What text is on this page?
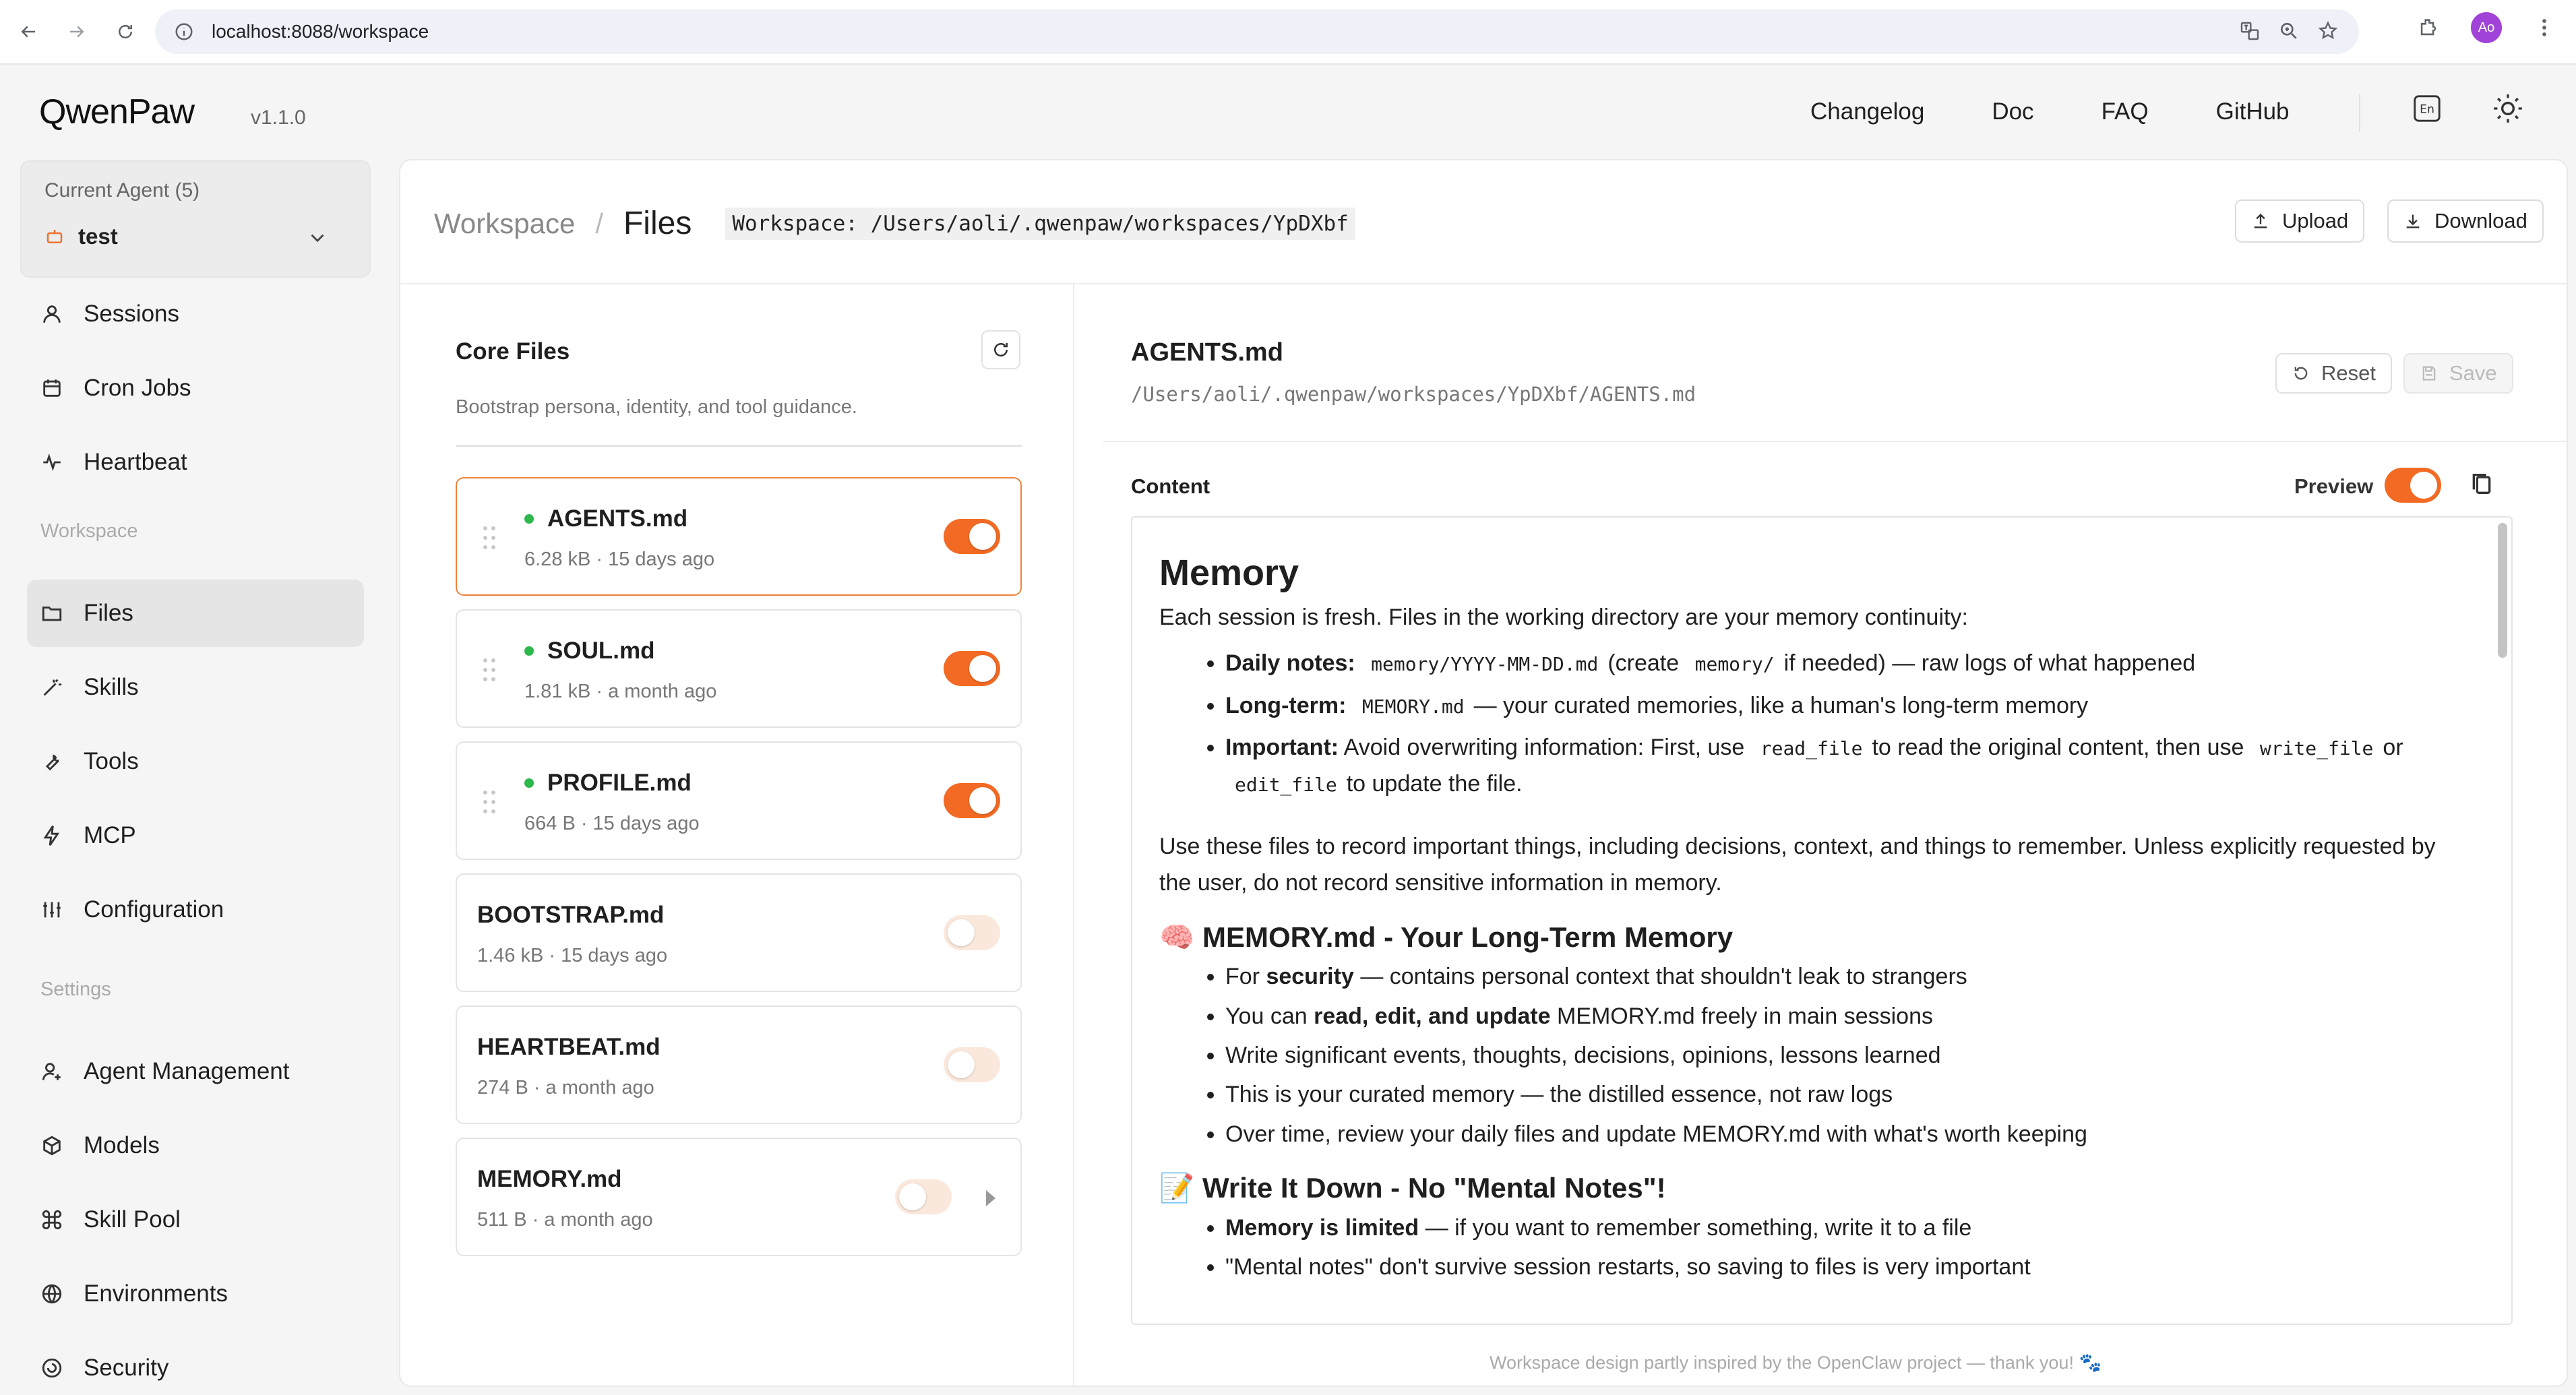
localhost:8088/workspace	Ao
QwenPaw	v1.1.0	Changelog	Doc	FAQ	GitHub	En
Current Agent (5)
test
Sessions
Cron Jobs
Heartbeat
Workspace
Files
Skills
Tools
MCP
Configuration
Settings
Agent Management
Models
Skill Pool
Environments
Security
Workspace / Files	Workspace: /Users/aoli/.qwenpaw/workspaces/YpDXbf	Upload	Download
Core Files
Bootstrap persona, identity, and tool guidance.
AGENTS.md
6.28 kB · 15 days ago
SOUL.md
1.81 kB · a month ago
PROFILE.md
664 B · 15 days ago
BOOTSTRAP.md
1.46 kB · 15 days ago
HEARTBEAT.md
274 B · a month ago
MEMORY.md
511 B · a month ago
AGENTS.md
/Users/aoli/.qwenpaw/workspaces/YpDXbf/AGENTS.md
Reset	Save
Content	Preview
Memory

Each session is fresh. Files in the working directory are your memory continuity:

• Daily notes: memory/YYYY-MM-DD.md (create memory/ if needed) — raw logs of what happened
• Long-term: MEMORY.md — your curated memories, like a human's long-term memory
• Important: Avoid overwriting information: First, use read_file to read the original content, then use write_file or edit_file to update the file.

Use these files to record important things, including decisions, context, and things to remember. Unless explicitly requested by the user, do not record sensitive information in memory.

🧠 MEMORY.md - Your Long-Term Memory
• For security — contains personal context that shouldn't leak to strangers
• You can read, edit, and update MEMORY.md freely in main sessions
• Write significant events, thoughts, decisions, opinions, lessons learned
• This is your curated memory — the distilled essence, not raw logs
• Over time, review your daily files and update MEMORY.md with what's worth keeping
📝 Write It Down - No "Mental Notes"!
• Memory is limited — if you want to remember something, write it to a file
• "Mental notes" don't survive session restarts, so saving to files is very important
Workspace design partly inspired by the OpenClaw project — thank you! 🐾
